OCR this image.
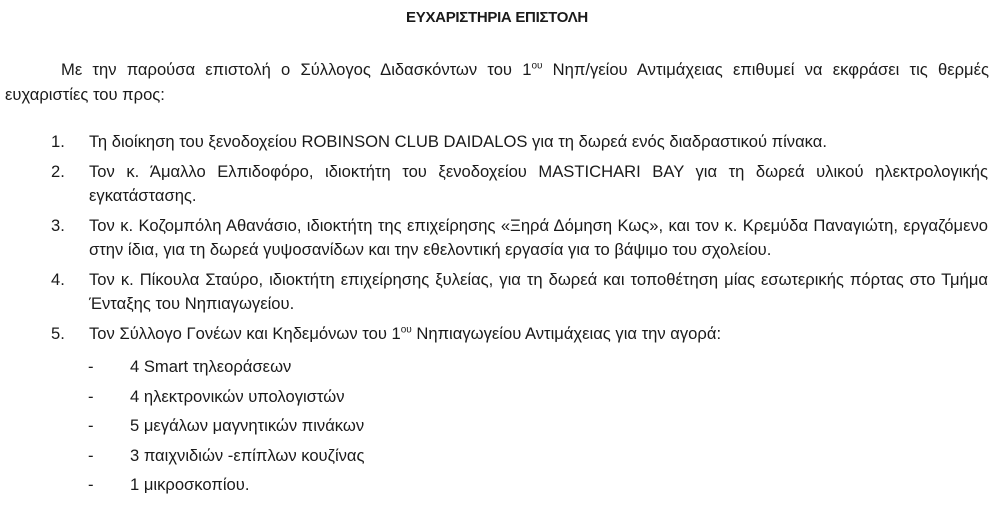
ΕΥΧΑΡΙΣΤΗΡΙΑ ΕΠΙΣΤΟΛΗ
Με την παρούσα επιστολή ο Σύλλογος Διδασκόντων του $1^{o\upsilon}$ Νηπ/γείου Αντιμάχειας επιθυμεί να εκφράσει τις θερμές ευχαριστίες του προς:
1. Τη διοίκηση του ξενοδοχείου ROBINSON CLUB DAIDALOS για τη δωρεά ενός διαδραστικού πίνακα.
2. Τον κ. Άμαλλο Ελπιδοφόρο, ιδιοκτήτη του ξενοδοχείου MASTICHARI BAY για τη δωρεά υλικού ηλεκτρολογικής εγκατάστασης.
3. Τον κ. Κοζομπόλη Αθανάσιο, ιδιοκτήτη της επιχείρησης «Ξηρά Δόμηση Κως», και τον κ. Κρεμύδα Παναγιώτη, εργαζόμενο στην ίδια, για τη δωρεά γυψοσανίδων και την εθελοντική εργασία για το βάψιμο του σχολείου.
4. Τον κ. Πίκουλα Σταύρο, ιδιοκτήτη επιχείρησης ξυλείας, για τη δωρεά και τοποθέτηση μίας εσωτερικής πόρτας στο Τμήμα Ένταξης του Νηπιαγωγείου.
5. Τον Σύλλογο Γονέων και Κηδεμόνων του $1^{o\upsilon}$ Νηπιαγωγείου Αντιμάχειας για την αγορά:
- 4 Smart τηλεοράσεων
- 4 ηλεκτρονικών υπολογιστών
- 5 μεγάλων μαγνητικών πινάκων
- 3 παιχνιδιών -επίπλων κουζίνας
- 1 μικροσκοπίου.
